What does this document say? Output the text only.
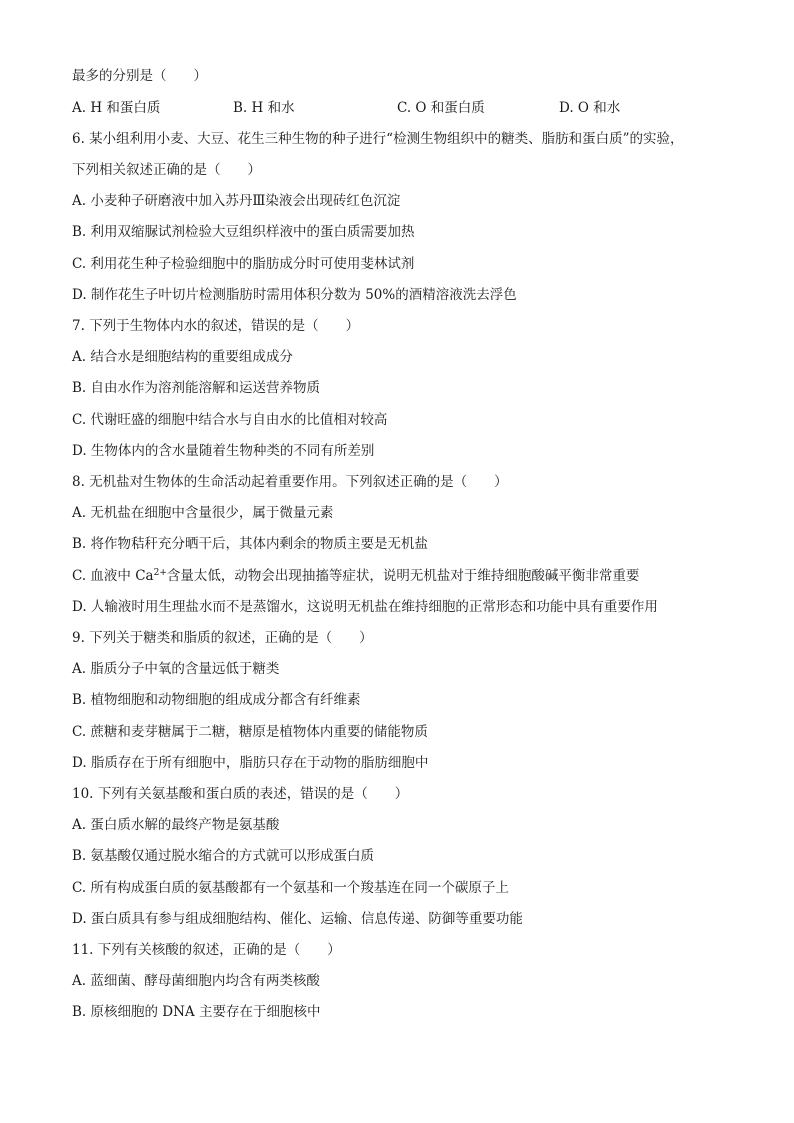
最多的分别是（　　）
A. H 和蛋白质	B. H 和水	C. O 和蛋白质	D. O 和水
6. 某小组利用小麦、大豆、花生三种生物的种子进行“检测生物组织中的糖类、脂肪和蛋白质”的实验，
下列相关叙述正确的是（　　）
A. 小麦种子研磨液中加入苏丹Ⅲ染液会出现砖红色沉淀
B. 利用双缩脲试剂检验大豆组织样液中的蛋白质需要加热
C. 利用花生种子检验细胞中的脂肪成分时可使用斐林试剂
D. 制作花生子叶切片检测脂肪时需用体积分数为 50%的酒精溶液洗去浮色
7. 下列于生物体内水的叙述，错误的是（　　）
A. 结合水是细胞结构的重要组成成分
B. 自由水作为溶剂能溶解和运送营养物质
C. 代谢旺盛的细胞中结合水与自由水的比值相对较高
D. 生物体内的含水量随着生物种类的不同有所差别
8. 无机盐对生物体的生命活动起着重要作用。下列叙述正确的是（　　）
A. 无机盐在细胞中含量很少，属于微量元素
B. 将作物秸秆充分晒干后，其体内剩余的物质主要是无机盐
C. 血液中 $Ca^{2+}$含量太低，动物会出现抽搐等症状，说明无机盐对于维持细胞酸碱平衡非常重要
D. 人输液时用生理盐水而不是蒸馏水，这说明无机盐在维持细胞的正常形态和功能中具有重要作用
9. 下列关于糖类和脂质的叙述，正确的是（　　）
A. 脂质分子中氧的含量远低于糖类
B. 植物细胞和动物细胞的组成成分都含有纤维素
C. 蔗糖和麦芽糖属于二糖，糖原是植物体内重要的储能物质
D. 脂质存在于所有细胞中，脂肪只存在于动物的脂肪细胞中
10. 下列有关氨基酸和蛋白质的表述，错误的是（　　）
A. 蛋白质水解的最终产物是氨基酸
B. 氨基酸仅通过脱水缩合的方式就可以形成蛋白质
C. 所有构成蛋白质的氨基酸都有一个氨基和一个羧基连在同一个碳原子上
D. 蛋白质具有参与组成细胞结构、催化、运输、信息传递、防御等重要功能
11. 下列有关核酸的叙述，正确的是（　　）
A. 蓝细菌、酵母菌细胞内均含有两类核酸
B. 原核细胞的 DNA 主要存在于细胞核中
